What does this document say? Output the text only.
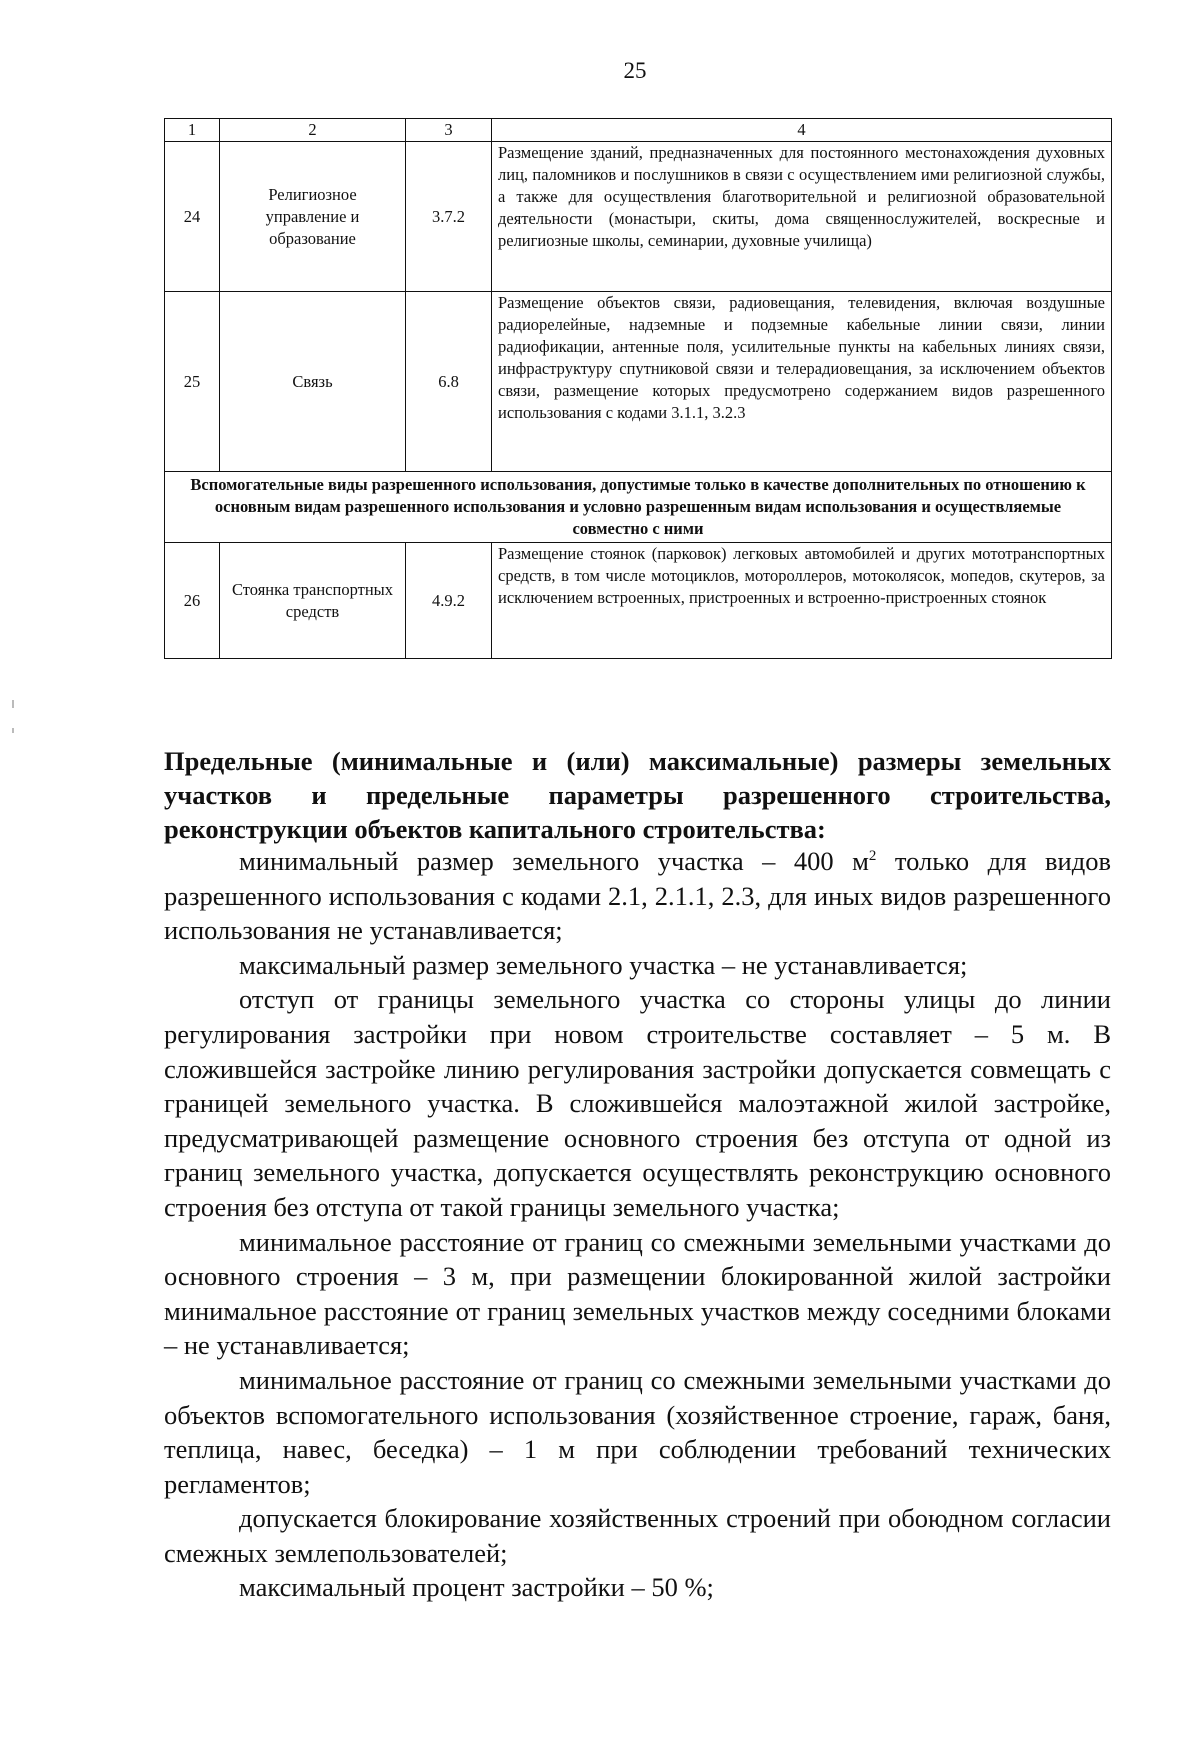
25
1	2	3	4
24	Религиозное управление и образование	3.7.2	Размещение зданий, предназначенных для постоянного местонахождения духовных лиц, паломников и послушников в связи с осуществлением ими религиозной службы, а также для осуществления благотворительной и религиозной образовательной деятельности (монастыри, скиты, дома священнослужителей, воскресные и религиозные школы, семинарии, духовные училища)
25	Связь	6.8	Размещение объектов связи, радиовещания, телевидения, включая воздушные радиорелейные, надземные и подземные кабельные линии связи, линии радиофикации, антенные поля, усилительные пункты на кабельных линиях связи, инфраструктуру спутниковой связи и телерадиовещания, за исключением объектов связи, размещение которых предусмотрено содержанием видов разрешенного использования с кодами 3.1.1, 3.2.3
Вспомогательные виды разрешенного использования, допустимые только в качестве дополнительных по отношению к основным видам разрешенного использования и условно разрешенным видам использования и осуществляемые совместно с ними			
26	Стоянка транспортных средств	4.9.2	Размещение стоянок (парковок) легковых автомобилей и других мототранспортных средств, в том числе мотоциклов, мотороллеров, мотоколясок, мопедов, скутеров, за исключением встроенных, пристроенных и встроенно-пристроенных стоянок
Предельные (минимальные и (или) максимальные) размеры земельных участков и предельные параметры разрешенного строительства, реконструкции объектов капитального строительства:

минимальный размер земельного участка – 400 $м^2$ только для видов разрешенного использования с кодами 2.1, 2.1.1, 2.3, для иных видов разрешенного использования не устанавливается;

максимальный размер земельного участка – не устанавливается;

отступ от границы земельного участка со стороны улицы до линии регулирования застройки при новом строительстве составляет – 5 м. В сложившейся застройке линию регулирования застройки допускается совмещать с границей земельного участка. В сложившейся малоэтажной жилой застройке, предусматривающей размещение основного строения без отступа от одной из границ земельного участка, допускается осуществлять реконструкцию основного строения без отступа от такой границы земельного участка;

минимальное расстояние от границ со смежными земельными участками до основного строения – 3 м, при размещении блокированной жилой застройки минимальное расстояние от границ земельных участков между соседними блоками – не устанавливается;

минимальное расстояние от границ со смежными земельными участками до объектов вспомогательного использования (хозяйственное строение, гараж, баня, теплица, навес, беседка) – 1 м при соблюдении требований технических регламентов;

допускается блокирование хозяйственных строений при обоюдном согласии смежных землепользователей;

максимальный процент застройки – 50 %;
